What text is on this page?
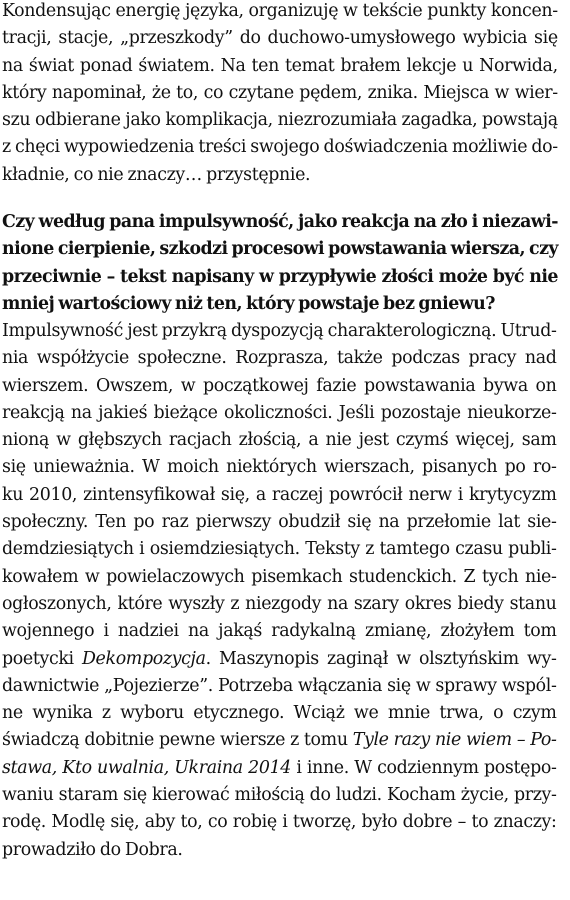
Kondensując energię języka, organizuję w tekście punkty koncen-
tracji, stacje, „przeszkody” do duchowo-umysłowego wybicia się
na świat ponad światem. Na ten temat brałem lekcje u Norwida,
który napominał, że to, co czytane pędem, znika. Miejsca w wier-
szu odbierane jako komplikacja, niezrozumiała zagadka, powstają
z chęci wypowiedzenia treści swojego doświadczenia możliwie do-
kładnie, co nie znaczy… przystępnie.
Czy według pana impulsywność, jako reakcja na zło i niezawi-
nione cierpienie, szkodzi procesowi powstawania wiersza, czy
przeciwnie – tekst napisany w przypływie złości może być nie
mniej wartościowy niż ten, który powstaje bez gniewu?
Impulsywność jest przykrą dyspozycją charakterologiczną. Utrud-
nia współżycie społeczne. Rozprasza, także podczas pracy nad
wierszem. Owszem, w początkowej fazie powstawania bywa on
reakcją na jakieś bieżące okoliczności. Jeśli pozostaje nieukorze-
nioną w głębszych racjach złością, a nie jest czymś więcej, sam
się unieważnia. W moich niektórych wierszach, pisanych po ro-
ku 2010, zintensyfikował się, a raczej powrócił nerw i krytycyzm
społeczny. Ten po raz pierwszy obudził się na przełomie lat sie-
demdziesiątych i osiemdziesiątych. Teksty z tamtego czasu publi-
kowałem w powielaczowych pisemkach studenckich. Z tych nie-
ogłoszonych, które wyszły z niezgody na szary okres biedy stanu
wojennego i nadziei na jakąś radykalną zmianę, złożyłem tom
poetycki Dekompozycja. Maszynopis zaginął w olsztyńskim wy-
dawnictwie „Pojezierze”. Potrzeba włączania się w sprawy wspól-
ne wynika z wyboru etycznego. Wciąż we mnie trwa, o czym
świadczą dobitnie pewne wiersze z tomu Tyle razy nie wiem – Po-
stawa, Kto uwalnia, Ukraina 2014 i inne. W codziennym postępo-
waniu staram się kierować miłością do ludzi. Kocham życie, przy-
rodę. Modlę się, aby to, co robię i tworzę, było dobre – to znaczy:
prowadziło do Dobra.
